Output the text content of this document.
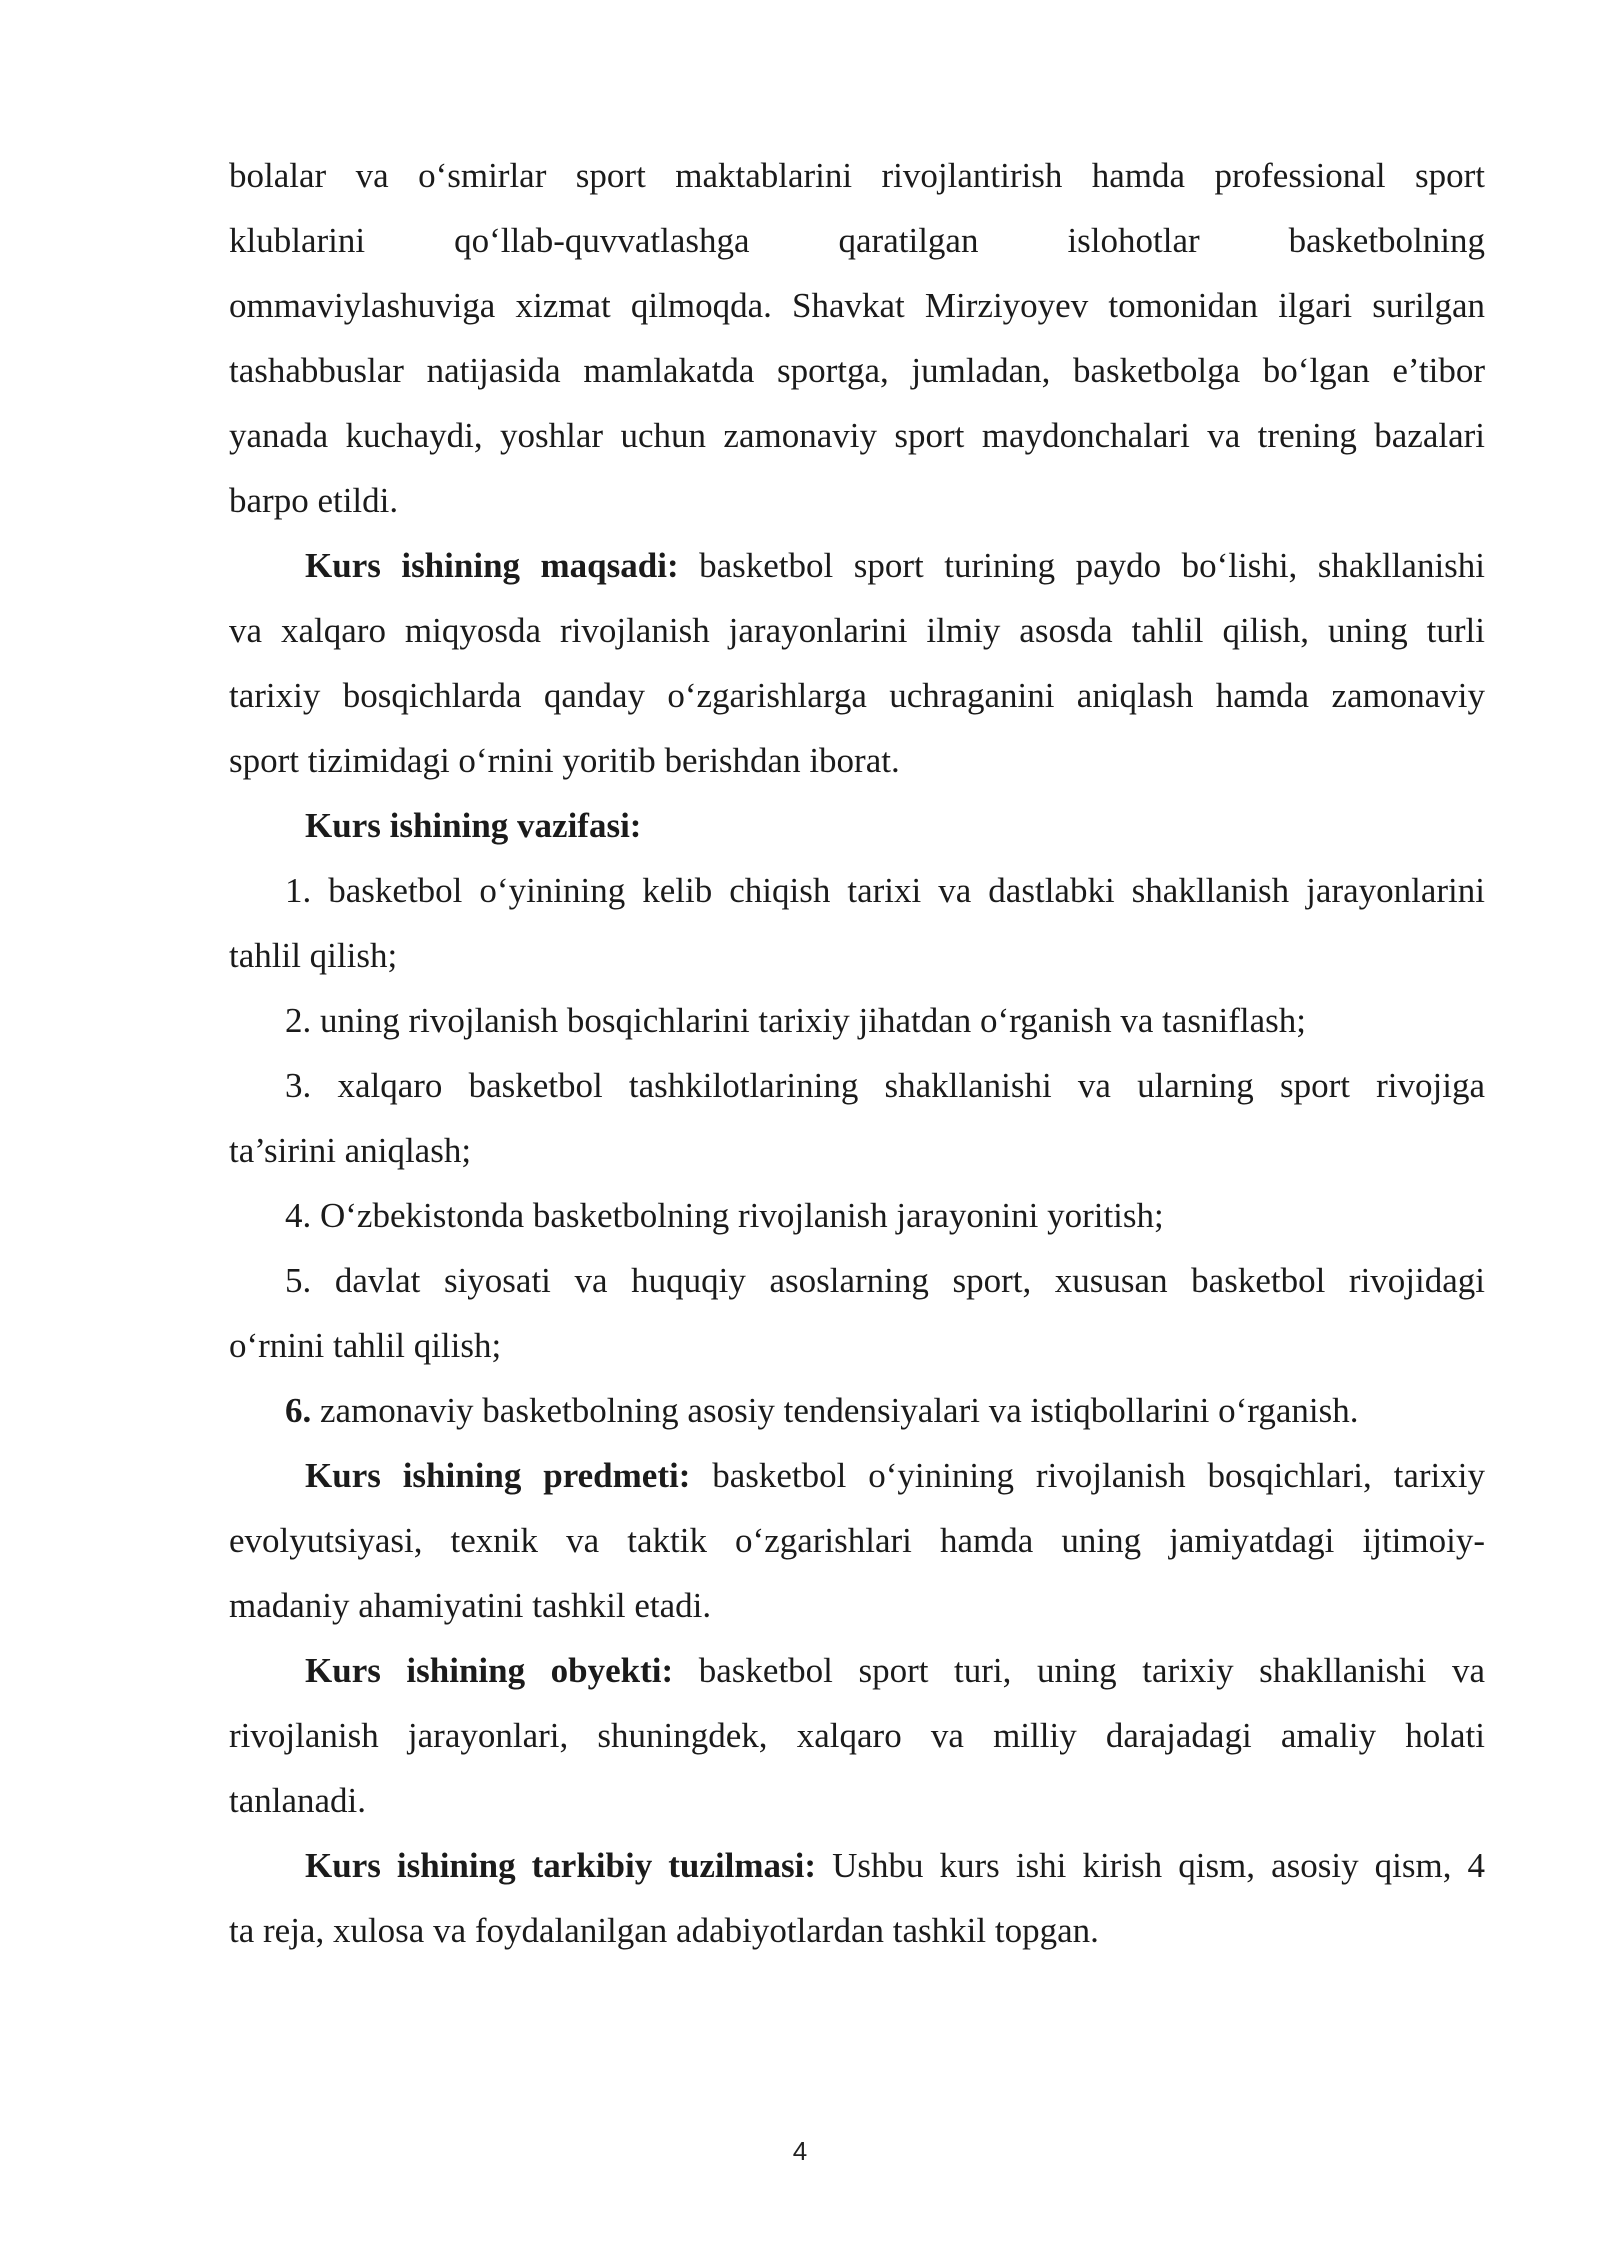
bolalar va o‘smirlar sport maktablarini rivojlantirish hamda professional sport
klublarini qo‘llab-quvvatlashga qaratilgan islohotlar basketbolning
ommaviylashuviga xizmat qilmoqda. Shavkat Mirziyoyev tomonidan ilgari surilgan
tashabbuslar natijasida mamlakatda sportga, jumladan, basketbolga bo‘lgan e’tibor
yanada kuchaydi, yoshlar uchun zamonaviy sport maydonchalari va trening bazalari
barpo etildi.
Kurs ishining maqsadi: basketbol sport turining paydo bo‘lishi, shakllanishi
va xalqaro miqyosda rivojlanish jarayonlarini ilmiy asosda tahlil qilish, uning turli
tarixiy bosqichlarda qanday o‘zgarishlarga uchraganini aniqlash hamda zamonaviy
sport tizimidagi o‘rnini yoritib berishdan iborat.
Kurs ishining vazifasi:
1. basketbol o‘yinining kelib chiqish tarixi va dastlabki shakllanish jarayonlarini
tahlil qilish;
2. uning rivojlanish bosqichlarini tarixiy jihatdan o‘rganish va tasniflash;
3. xalqaro basketbol tashkilotlarining shakllanishi va ularning sport rivojiga
ta’sirini aniqlash;
4. O‘zbekistonda basketbolning rivojlanish jarayonini yoritish;
5. davlat siyosati va huquqiy asoslarning sport, xususan basketbol rivojidagi
o‘rnini tahlil qilish;
6. zamonaviy basketbolning asosiy tendensiyalari va istiqbollarini o‘rganish.
Kurs ishining predmeti: basketbol o‘yinining rivojlanish bosqichlari, tarixiy
evolyutsiyasi, texnik va taktik o‘zgarishlari hamda uning jamiyatdagi ijtimoiy-
madaniy ahamiyatini tashkil etadi.
Kurs ishining obyekti: basketbol sport turi, uning tarixiy shakllanishi va
rivojlanish jarayonlari, shuningdek, xalqaro va milliy darajadagi amaliy holati
tanlanadi.
Kurs ishining tarkibiy tuzilmasi: Ushbu kurs ishi kirish qism, asosiy qism, 4
ta reja, xulosa va foydalanilgan adabiyotlardan tashkil topgan.
4
